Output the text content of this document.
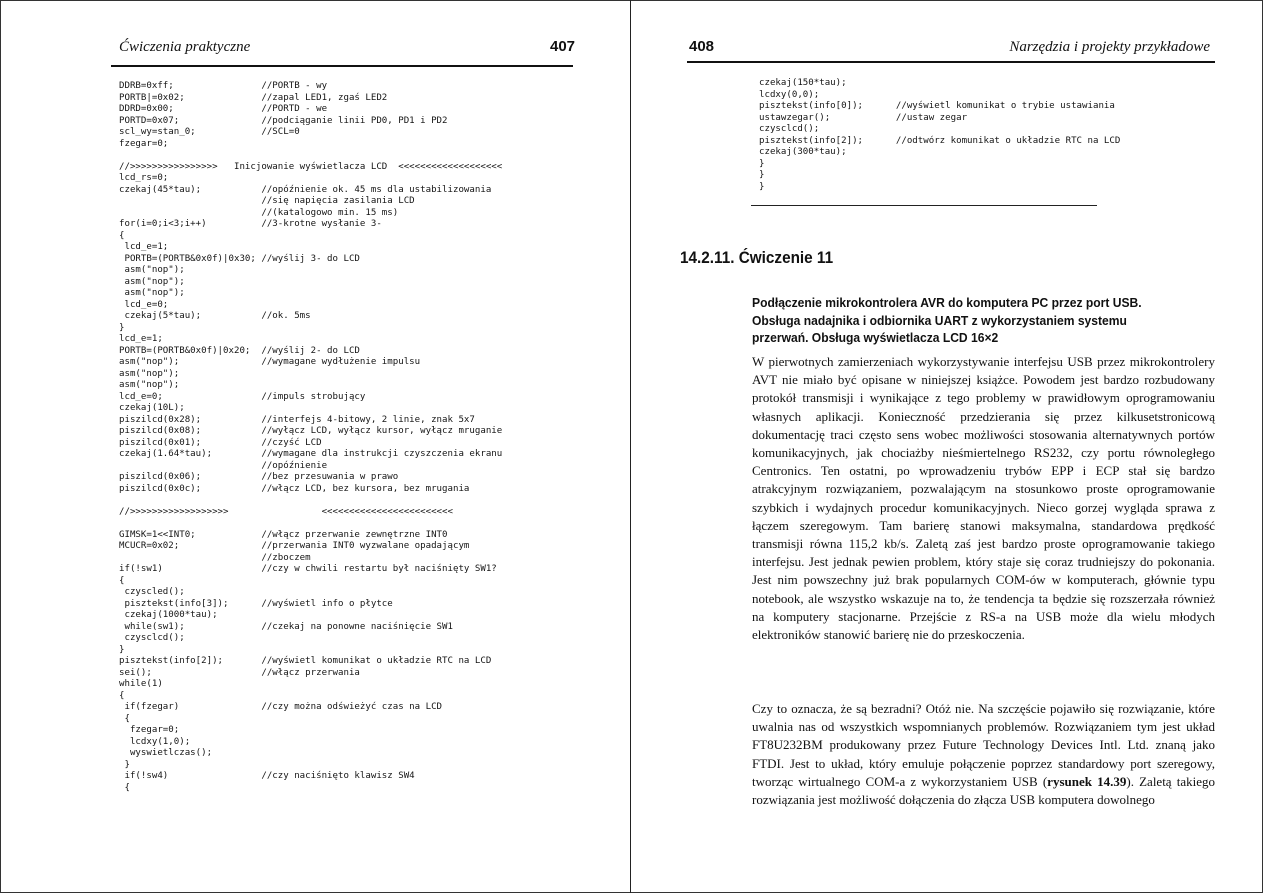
Ćwiczenia praktyczne	407
DDRB=0xff;                //PORTB - wy
PORTB|=0x02;              //zapal LED1, zgaś LED2
DDRD=0x00;                //PORTD - we
PORTD=0x07;               //podciąganie linii PD0, PD1 i PD2
scl_wy=stan_0;            //SCL=0
fzegar=0;

//>>>>>>>>>>>>>>>>   Inicjowanie wyświetlacza LCD  <<<<<<<<<<<<<<<<<<<
lcd_rs=0;
czekaj(45*tau);           //opóźnienie ok. 45 ms dla ustabilizowania
//się napięcia zasilania LCD
//(katalogowo min. 15 ms)
for(i=0;i<3;i++)          //3-krotne wysłanie 3-
{
lcd_e=1;
PORTB=(PORTB&0x0f)|0x30; //wyślij 3- do LCD
asm("nop");
asm("nop");
asm("nop");
lcd_e=0;
czekaj(5*tau);           //ok. 5ms
}
lcd_e=1;
PORTB=(PORTB&0x0f)|0x20;  //wyślij 2- do LCD
asm("nop");               //wymagane wydłużenie impulsu
asm("nop");
asm("nop");
lcd_e=0;                  //impuls strobujący
czekaj(10L);
piszilcd(0x28);           //interfejs 4-bitowy, 2 linie, znak 5x7
piszilcd(0x08);           //wyłącz LCD, wyłącz kursor, wyłącz mruganie
piszilcd(0x01);           //czyść LCD
czekaj(1.64*tau);         //wymagane dla instrukcji czyszczenia ekranu
//opóźnienie
piszilcd(0x06);           //bez przesuwania w prawo
piszilcd(0x0c);           //włącz LCD, bez kursora, bez mrugania

//>>>>>>>>>>>>>>>>>>                 <<<<<<<<<<<<<<<<<<<<<<<<

GIMSK=1<<INT0;            //włącz przerwanie zewnętrzne INT0
MCUCR=0x02;               //przerwania INT0 wyzwalane opadającym
//zboczem
if(!sw1)                  //czy w chwili restartu był naciśnięty SW1?
{
czyscled();
pisztekst(info[3]);      //wyświetl info o płytce
czekaj(1000*tau);
while(sw1);              //czekaj na ponowne naciśnięcie SW1
czysclcd();
}
pisztekst(info[2]);       //wyświetl komunikat o układzie RTC na LCD
sei();                    //włącz przerwania
while(1)
{
if(fzegar)               //czy można odświeżyć czas na LCD
{
fzegar=0;
lcdxy(1,0);
wyswietlczas();
}
if(!sw4)                 //czy naciśnięto klawisz SW4
{
408	Narzędzia i projekty przykładowe
czekaj(150*tau);
lcdxy(0,0);
pisztekst(info[0]);      //wyświetl komunikat o trybie ustawiania
ustawzegar();            //ustaw zegar
czysclcd();
pisztekst(info[2]);      //odtwórz komunikat o układzie RTC na LCD
czekaj(300*tau);
}
}
}
14.2.11. Ćwiczenie 11
Podłączenie mikrokontrolera AVR do komputera PC przez port USB. Obsługa nadajnika i odbiornika UART z wykorzystaniem systemu przerwań. Obsługa wyświetlacza LCD 16×2

W pierwotnych zamierzeniach wykorzystywanie interfejsu USB przez mikrokontrolery AVT nie miało być opisane w niniejszej książce. Powodem jest bardzo rozbudowany protokół transmisji i wynikające z tego problemy w prawidłowym oprogramowaniu własnych aplikacji. Konieczność przedzierania się przez kilkusetstronicową dokumentację traci często sens wobec możliwości stosowania alternatywnych portów komunikacyjnych, jak chociażby nieśmiertelnego RS232, czy portu równoległego Centronics. Ten ostatni, po wprowadzeniu trybów EPP i ECP stał się bardzo atrakcyjnym rozwiązaniem, pozwalającym na stosunkowo proste oprogramowanie szybkich i wydajnych procedur komunikacyjnych. Nieco gorzej wygląda sprawa z łączem szeregowym. Tam barierę stanowi maksymalna, standardowa prędkość transmisji równa 115,2 kb/s. Zaletą zaś jest bardzo proste oprogramowanie takiego interfejsu. Jest jednak pewien problem, który staje się coraz trudniejszy do pokonania. Jest nim powszechny już brak popularnych COM-ów w komputerach, głównie typu notebook, ale wszystko wskazuje na to, że tendencja ta będzie się rozszerzała również na komputery stacjonarne. Przejście z RS-a na USB może dla wielu młodych elektroników stanowić barierę nie do przeskoczenia.

Czy to oznacza, że są bezradni? Otóż nie. Na szczęście pojawiło się rozwiązanie, które uwalnia nas od wszystkich wspomnianych problemów. Rozwiązaniem tym jest układ FT8U232BM produkowany przez Future Technology Devices Intl. Ltd. znaną jako FTDI. Jest to układ, który emuluje połączenie poprzez standardowy port szeregowy, tworząc wirtualnego COM-a z wykorzystaniem USB (rysunek 14.39). Zaletą takiego rozwiązania jest możliwość dołączenia do złącza USB komputera dowolnego
